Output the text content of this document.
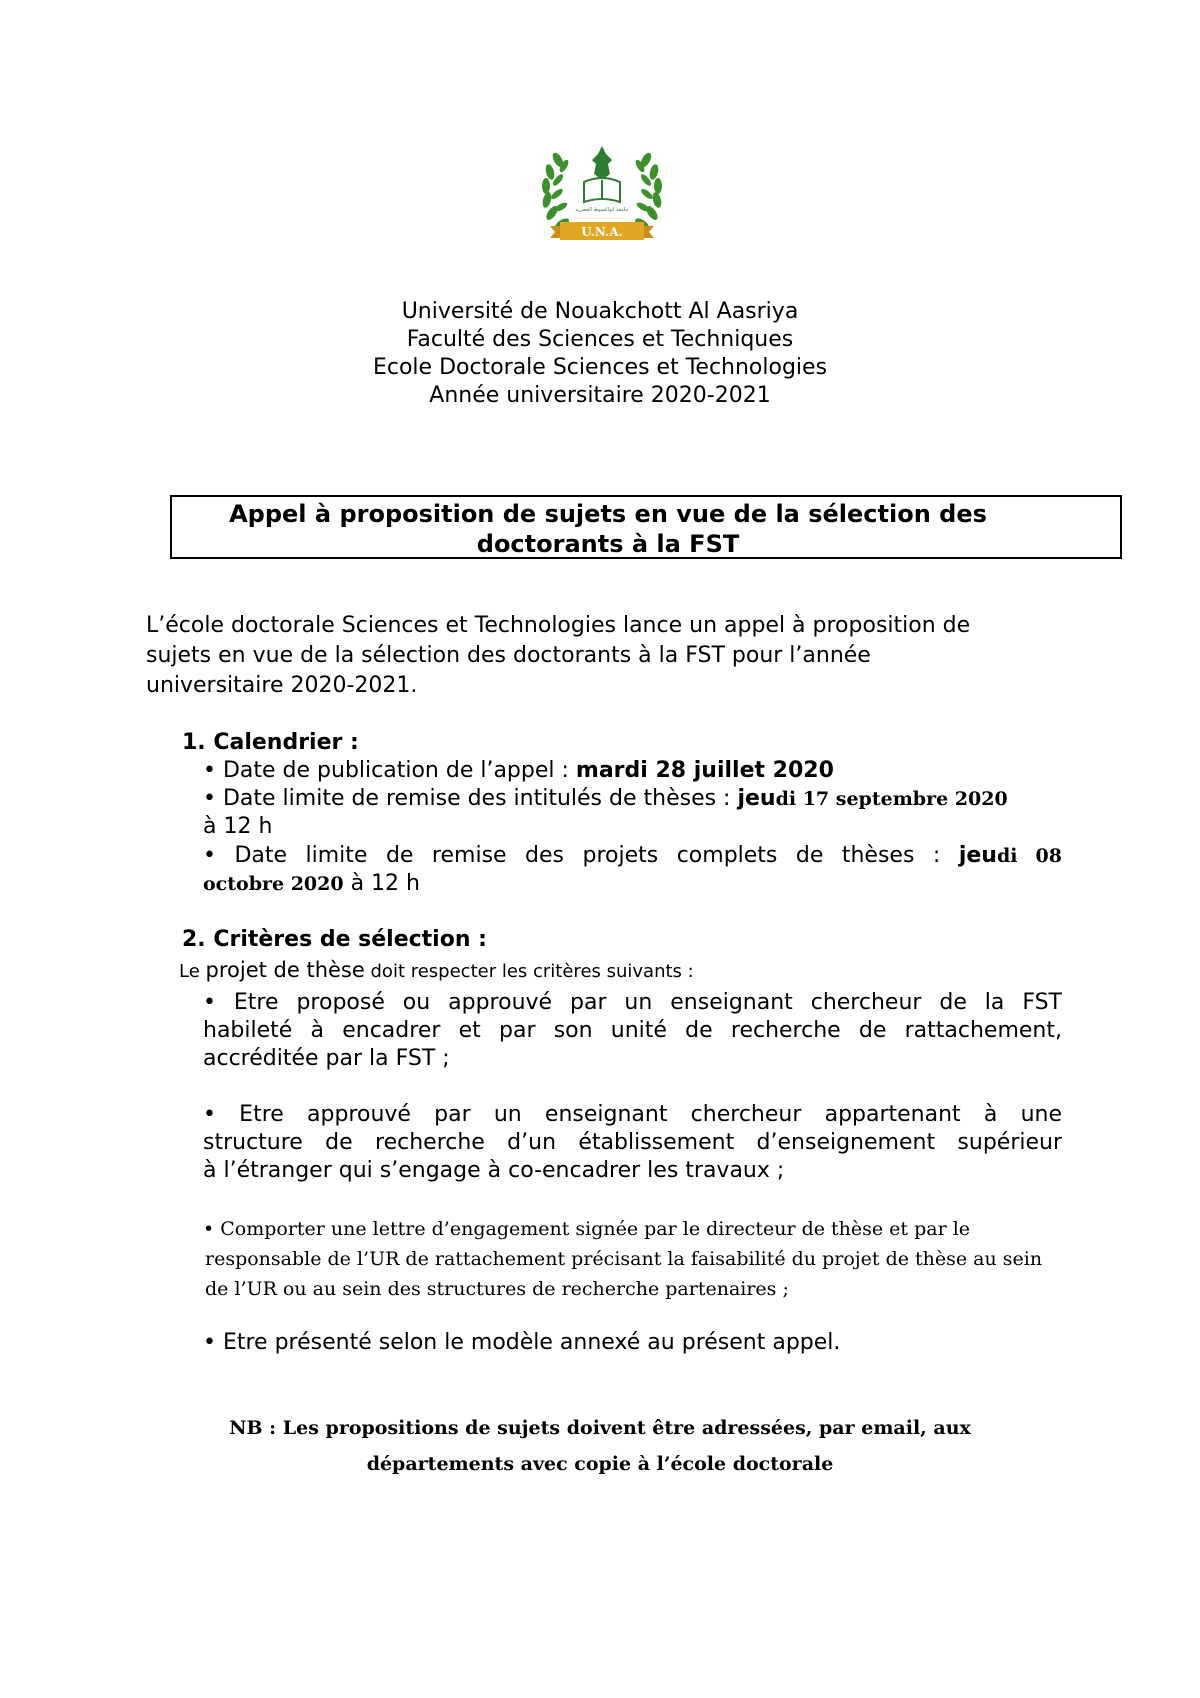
جامعة انواكشوط العصرية
U.N.A.
Université de Nouakchott Al Aasriya
Faculté des Sciences et Techniques
Ecole Doctorale Sciences et Technologies
Année universitaire 2020-2021
Appel à proposition de sujets en vue de la sélection des
doctorants à la FST
L’école doctorale Sciences et Technologies lance un appel à proposition de
sujets en vue de la sélection des doctorants à la FST pour l’année
universitaire 2020-2021.
1. Calendrier :
• Date de publication de l’appel : mardi 28 juillet 2020
• Date limite de remise des intitulés de thèses : jeudi 17 septembre 2020
à 12 h
• Date limite de remise des projets complets de thèses : jeudi 08
octobre 2020 à 12 h
2. Critères de sélection :
Le projet de thèse doit respecter les critères suivants :
• Etre proposé ou approuvé par un enseignant chercheur de la FST
habileté à encadrer et par son unité de recherche de rattachement,
accréditée par la FST ;
• Etre approuvé par un enseignant chercheur appartenant à une
structure de recherche d’un établissement d’enseignement supérieur
à l’étranger qui s’engage à co-encadrer les travaux ;
• Comporter une lettre d’engagement signée par le directeur de thèse et par le
responsable de l’UR de rattachement précisant la faisabilité du projet de thèse au sein
de l’UR ou au sein des structures de recherche partenaires ;
• Etre présenté selon le modèle annexé au présent appel.
NB : Les propositions de sujets doivent être adressées, par email, aux
départements avec copie à l’école doctorale
